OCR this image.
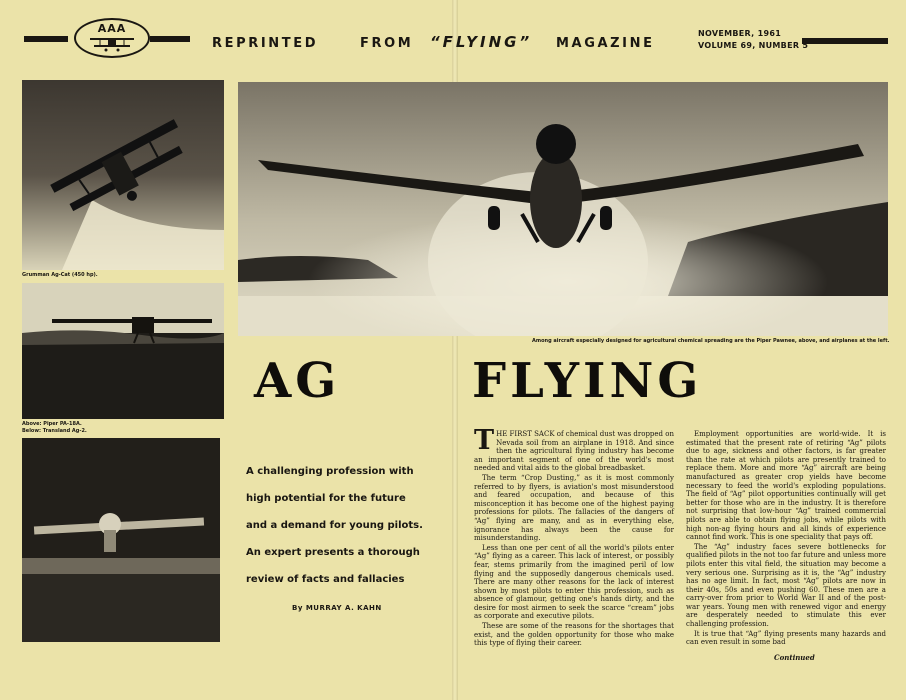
AAA
REPRINTED	FROM “FLYING” MAGAZINE
NOVEMBER, 1961
VOLUME 69, NUMBER 5
Grumman Ag-Cat (450 hp).
Above: Piper PA-18A.
Below: Transland Ag-2.
Among aircraft especially designed for agricultural chemical spreading are the Piper Pawnee, above, and airplanes at the left.
AG	FLYING
A challenging profession with
high potential for the future
and a demand for young pilots.
An expert presents a thorough
review of facts and fallacies
By MURRAY A. KAHN

THE FIRST SACK of chemical dust was dropped on Nevada soil from an airplane in 1918. And since then the agricultural flying industry has become an important segment of one of the world's most needed and vital aids to the global breadbasket.

The term “Crop Dusting,” as it is most commonly referred to by flyers, is aviation's most misunderstood and feared occupation, and because of this misconception it has become one of the highest paying professions for pilots. The fallacies of the dangers of “Ag” flying are many, and as in everything else, ignorance has always been the cause for misunderstanding.

Less than one per cent of all the world's pilots enter “Ag” flying as a career. This lack of interest, or possibly fear, stems primarily from the imagined peril of low flying and the supposedly dangerous chemicals used. There are many other reasons for the lack of interest shown by most pilots to enter this profession, such as absence of glamour, getting one's hands dirty, and the desire for most airmen to seek the scarce “cream” jobs as corporate and executive pilots.

These are some of the reasons for the shortages that exist, and the golden opportunity for those who make this type of flying their career.

Employment opportunities are world-wide. It is estimated that the present rate of retiring “Ag” pilots due to age, sickness and other factors, is far greater than the rate at which pilots are presently trained to replace them. More and more “Ag” aircraft are being manufactured as greater crop yields have become necessary to feed the world's exploding populations. The field of “Ag” pilot opportunities continually will get better for those who are in the industry. It is therefore not surprising that low-hour “Ag” trained commercial pilots are able to obtain flying jobs, while pilots with high non-ag flying hours and all kinds of experience cannot find work. This is one speciality that pays off.

The “Ag” industry faces severe bottlenecks for qualified pilots in the not too far future and unless more pilots enter this vital field, the situation may become a very serious one. Surprising as it is, the “Ag” industry has no age limit. In fact, most “Ag” pilots are now in their 40s, 50s and even pushing 60. These men are a carry-over from prior to World War II and of the post-war years. Young men with renewed vigor and energy are desperately needed to stimulate this ever challenging profession.

It is true that “Ag” flying presents many hazards and can even result in some bad

Continued
